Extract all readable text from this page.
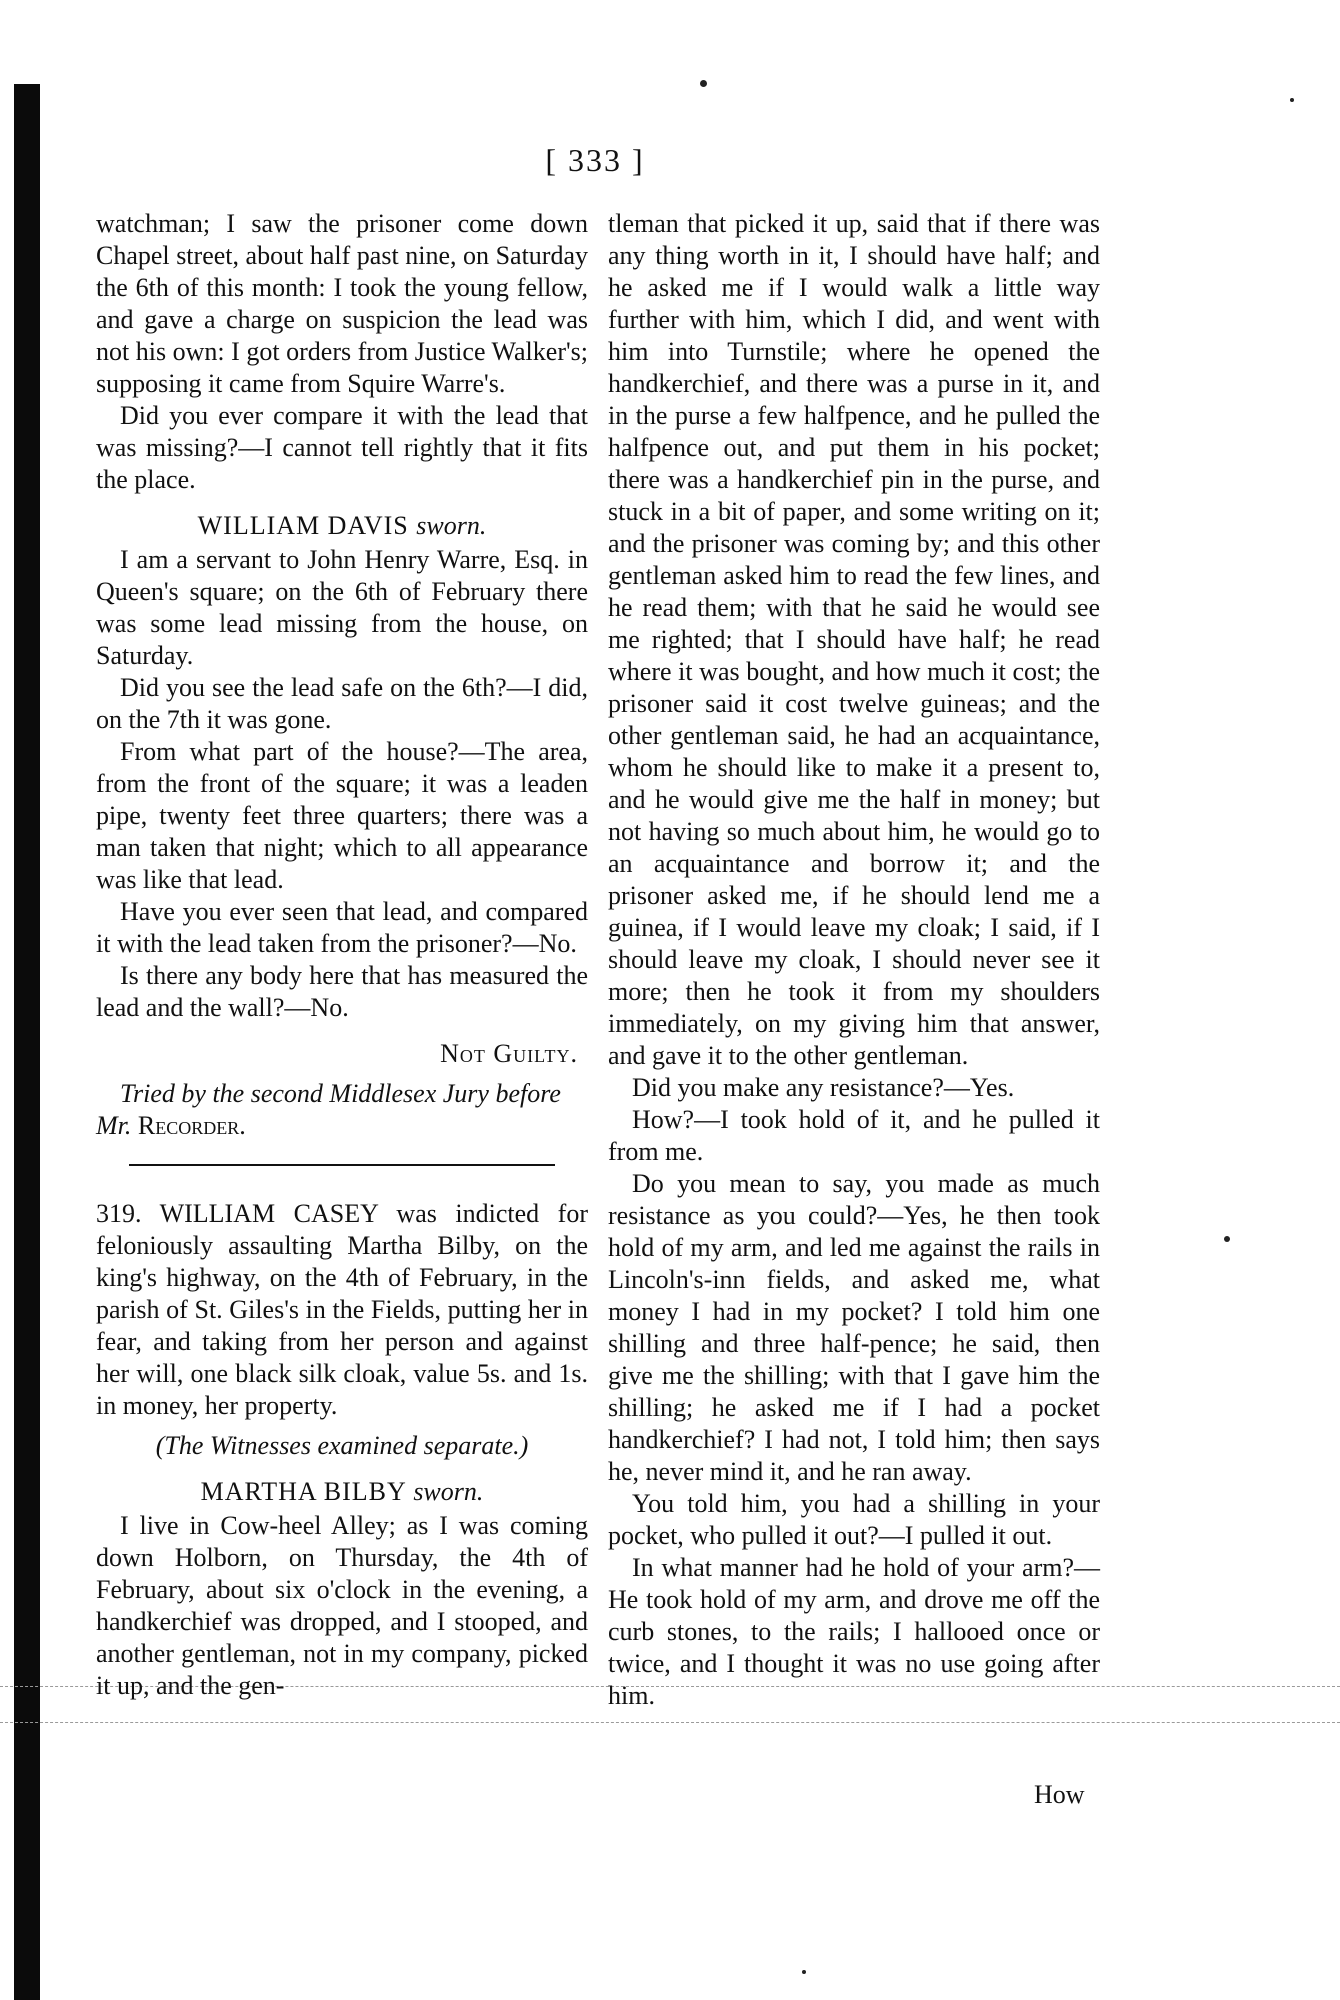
[ 333 ]

watchman; I saw the prisoner come down Chapel street, about half past nine, on Saturday the 6th of this month: I took the young fellow, and gave a charge on suspicion the lead was not his own: I got orders from Justice Walker's; supposing it came from Squire Warre's.

Did you ever compare it with the lead that was missing?—I cannot tell rightly that it fits the place.

WILLIAM DAVIS sworn.

I am a servant to John Henry Warre, Esq. in Queen's square; on the 6th of February there was some lead missing from the house, on Saturday.

Did you see the lead safe on the 6th?—I did, on the 7th it was gone.

From what part of the house?—The area, from the front of the square; it was a leaden pipe, twenty feet three quarters; there was a man taken that night; which to all appearance was like that lead.

Have you ever seen that lead, and compared it with the lead taken from the prisoner?—No.

Is there any body here that has measured the lead and the wall?—No.

Not Guilty.

Tried by the second Middlesex Jury before
Mr. Recorder.

319. WILLIAM CASEY was indicted for feloniously assaulting Martha Bilby, on the king's highway, on the 4th of February, in the parish of St. Giles's in the Fields, putting her in fear, and taking from her person and against her will, one black silk cloak, value 5s. and 1s. in money, her property.

(The Witnesses examined separate.)
MARTHA BILBY sworn.

I live in Cow-heel Alley; as I was coming down Holborn, on Thursday, the 4th of February, about six o'clock in the evening, a handkerchief was dropped, and I stooped, and another gentleman, not in my company, picked it up, and the gen-

tleman that picked it up, said that if there was any thing worth in it, I should have half; and he asked me if I would walk a little way further with him, which I did, and went with him into Turnstile; where he opened the handkerchief, and there was a purse in it, and in the purse a few halfpence, and he pulled the halfpence out, and put them in his pocket; there was a handkerchief pin in the purse, and stuck in a bit of paper, and some writing on it; and the prisoner was coming by; and this other gentleman asked him to read the few lines, and he read them; with that he said he would see me righted; that I should have half; he read where it was bought, and how much it cost; the prisoner said it cost twelve guineas; and the other gentleman said, he had an acquaintance, whom he should like to make it a present to, and he would give me the half in money; but not having so much about him, he would go to an acquaintance and borrow it; and the prisoner asked me, if he should lend me a guinea, if I would leave my cloak; I said, if I should leave my cloak, I should never see it more; then he took it from my shoulders immediately, on my giving him that answer, and gave it to the other gentleman.

Did you make any resistance?—Yes.

How?—I took hold of it, and he pulled it from me.

Do you mean to say, you made as much resistance as you could?—Yes, he then took hold of my arm, and led me against the rails in Lincoln's-inn fields, and asked me, what money I had in my pocket? I told him one shilling and three half-pence; he said, then give me the shilling; with that I gave him the shilling; he asked me if I had a pocket handkerchief? I had not, I told him; then says he, never mind it, and he ran away.

You told him, you had a shilling in your pocket, who pulled it out?—I pulled it out.

In what manner had he hold of your arm?—He took hold of my arm, and drove me off the curb stones, to the rails; I hallooed once or twice, and I thought it was no use going after him.

How
